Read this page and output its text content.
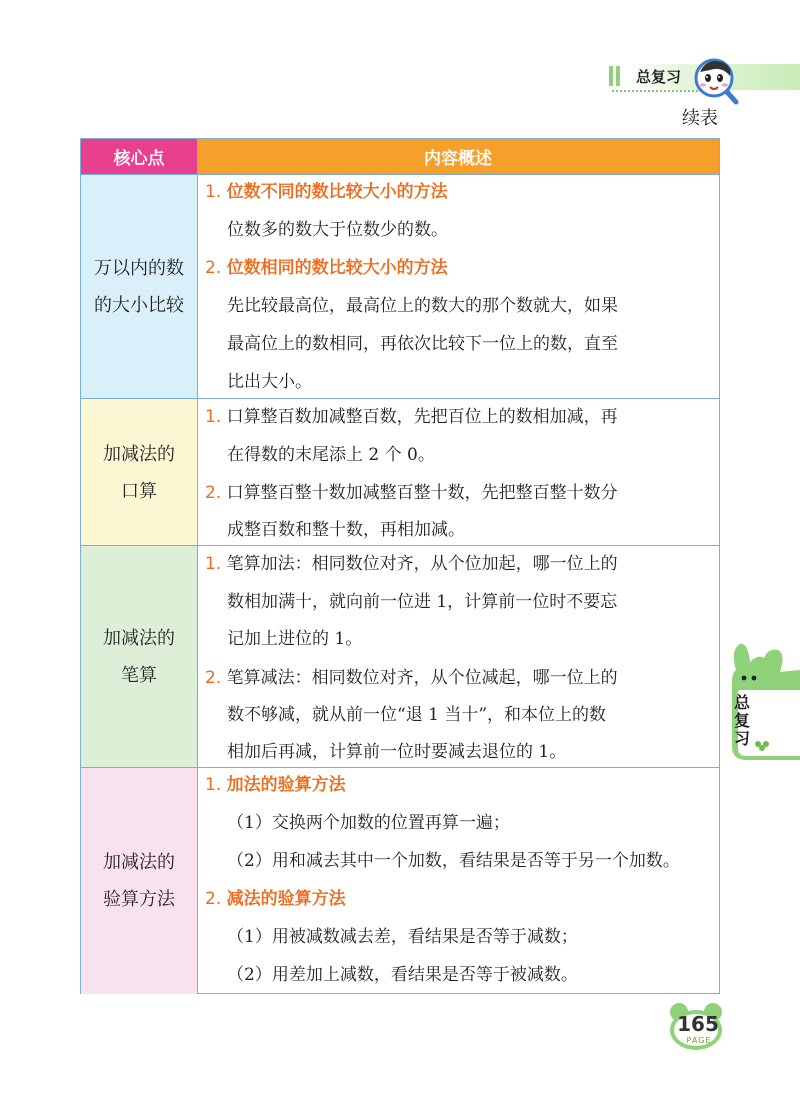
总复习
续表
核心点	内容概述
万以内的数
的大小比较
1. 位数不同的数比较大小的方法
位数多的数大于位数少的数。
2. 位数相同的数比较大小的方法
先比较最高位，最高位上的数大的那个数就大，如果
最高位上的数相同，再依次比较下一位上的数，直至
比出大小。
加减法的
口算
1. 口算整百数加减整百数，先把百位上的数相加减，再
在得数的末尾添上 2 个 0。
2. 口算整百整十数加减整百整十数，先把整百整十数分
成整百数和整十数，再相加减。
加减法的
笔算
1. 笔算加法：相同数位对齐，从个位加起，哪一位上的
数相加满十，就向前一位进 1，计算前一位时不要忘
记加上进位的 1。
2. 笔算减法：相同数位对齐，从个位减起，哪一位上的
数不够减，就从前一位“退 1 当十”，和本位上的数
相加后再减，计算前一位时要减去退位的 1。
加减法的
验算方法
1. 加法的验算方法
（1）交换两个加数的位置再算一遍；
（2）用和减去其中一个加数，看结果是否等于另一个加数。
2. 减法的验算方法
（1）用被减数减去差，看结果是否等于减数；
（2）用差加上减数，看结果是否等于被减数。
总
复
习
165
PAGE
